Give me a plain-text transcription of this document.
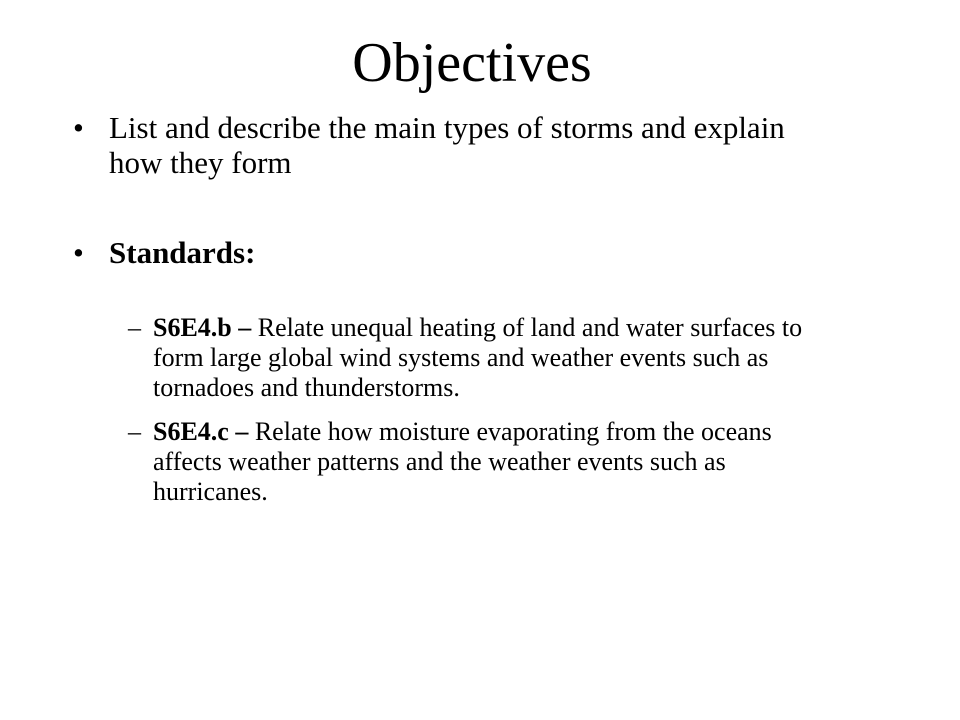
Objectives
• List and describe the main types of storms and explain how they form
• Standards:
– S6E4.b – Relate unequal heating of land and water surfaces to form large global wind systems and weather events such as tornadoes and thunderstorms.
– S6E4.c – Relate how moisture evaporating from the oceans affects weather patterns and the weather events such as hurricanes.
